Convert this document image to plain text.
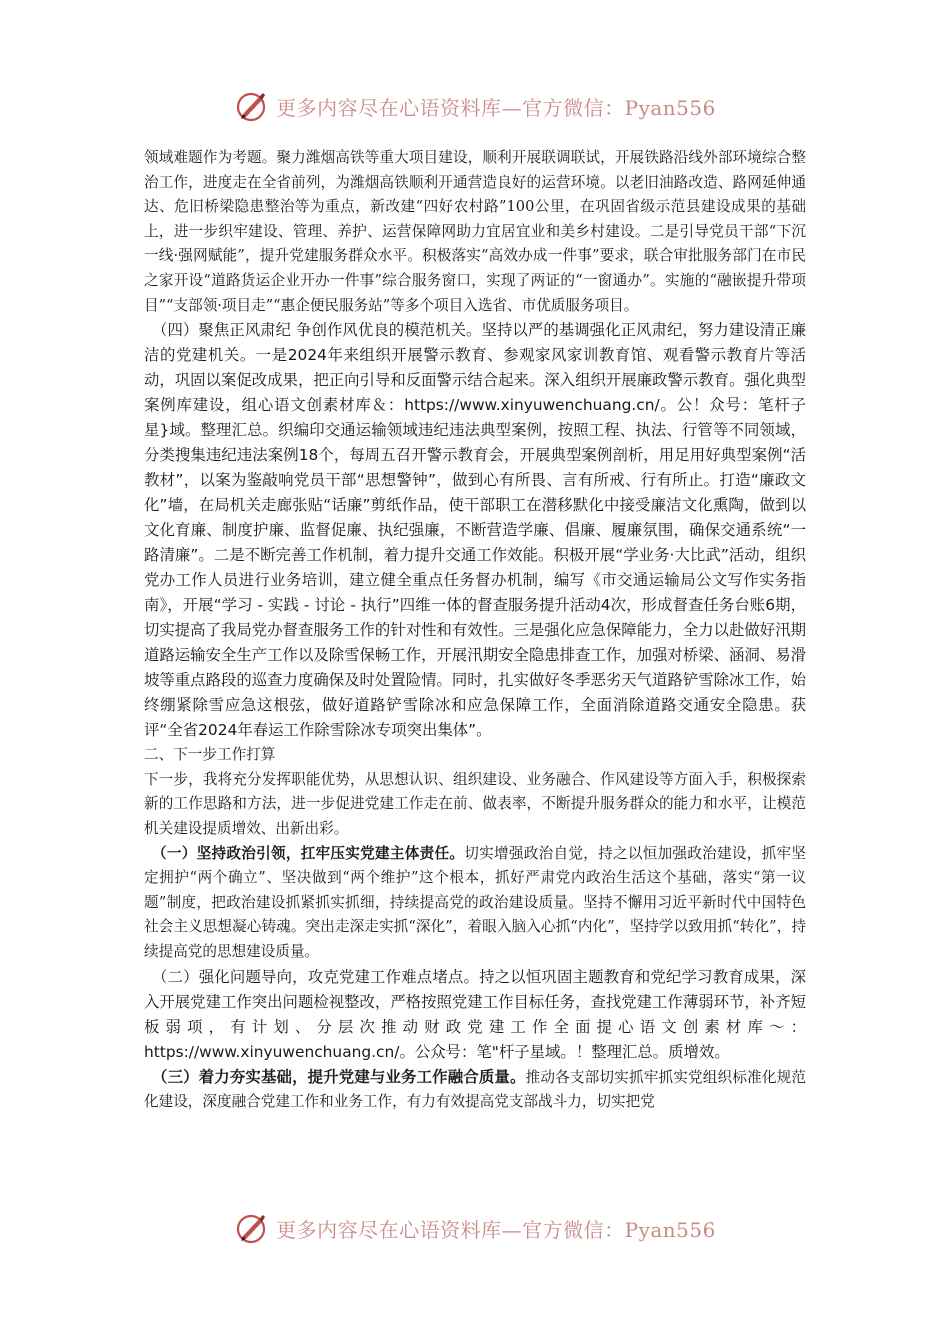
更多内容尽在心语资料库—官方微信：Pyan556

领域难题作为考题。聚力潍烟高铁等重大项目建设，顺利开展联调联试，开展铁路沿线外部环境综合整治工作，进度走在全省前列，为潍烟高铁顺利开通营造良好的运营环境。以老旧油路改造、路网延伸通达、危旧桥梁隐患整治等为重点，新改建“四好农村路”100公里，在巩固省级示范县建设成果的基础上，进一步织牢建设、管理、养护、运营保障网助力宜居宜业和美乡村建设。二是引导党员干部“下沉一线·强网赋能”，提升党建服务群众水平。积极落实“高效办成一件事”要求，联合审批服务部门在市民之家开设“道路货运企业开办一件事”综合服务窗口，实现了两证的“一窗通办”。实施的“融嵌提升带项目”“支部领·项目走”“惠企便民服务站”等多个项目入选省、市优质服务项目。

（四）聚焦正风肃纪 争创作风优良的模范机关。坚持以严的基调强化正风肃纪，努力建设清正廉洁的党建机关。一是2024年来组织开展警示教育、参观家风家训教育馆、观看警示教育片等活动，巩固以案促改成果，把正向引导和反面警示结合起来。深入组织开展廉政警示教育。强化典型案例库建设，组心语文创素材库＆：https://www.xinyuwenchuang.cn/。公！众号：笔杆子星}域。整理汇总。织编印交通运输领域违纪违法典型案例，按照工程、执法、行管等不同领域，分类搜集违纪违法案例18个，每周五召开警示教育会，开展典型案例剖析，用足用好典型案例“活教材”，以案为鉴敲响党员干部“思想警钟”，做到心有所畏、言有所戒、行有所止。打造“廉政文化”墙，在局机关走廊张贴“话廉”剪纸作品，使干部职工在潜移默化中接受廉洁文化熏陶，做到以文化育廉、制度护廉、监督促廉、执纪强廉，不断营造学廉、倡廉、履廉氛围，确保交通系统“一路清廉”。二是不断完善工作机制，着力提升交通工作效能。积极开展“学业务·大比武”活动，组织党办工作人员进行业务培训，建立健全重点任务督办机制，编写《市交通运输局公文写作实务指南》，开展“学习 - 实践 - 讨论 - 执行”四维一体的督查服务提升活动4次，形成督查任务台账6期，切实提高了我局党办督查服务工作的针对性和有效性。三是强化应急保障能力，全力以赴做好汛期道路运输安全生产工作以及除雪保畅工作，开展汛期安全隐患排查工作，加强对桥梁、涵洞、易滑坡等重点路段的巡查力度确保及时处置险情。同时，扎实做好冬季恶劣天气道路铲雪除冰工作，始终绷紧除雪应急这根弦，做好道路铲雪除冰和应急保障工作，全面消除道路交通安全隐患。获评“全省2024年春运工作除雪除冰专项突出集体”。

二、下一步工作打算

下一步，我将充分发挥职能优势，从思想认识、组织建设、业务融合、作风建设等方面入手，积极探索新的工作思路和方法，进一步促进党建工作走在前、做表率，不断提升服务群众的能力和水平，让模范机关建设提质增效、出新出彩。

（一）坚持政治引领，扛牢压实党建主体责任。切实增强政治自觉，持之以恒加强政治建设，抓牢坚定拥护“两个确立”、坚决做到“两个维护”这个根本，抓好严肃党内政治生活这个基础，落实“第一议题”制度，把政治建设抓紧抓实抓细，持续提高党的政治建设质量。坚持不懈用习近平新时代中国特色社会主义思想凝心铸魂。突出走深走实抓“深化”，着眼入脑入心抓“内化”，坚持学以致用抓“转化”，持续提高党的思想建设质量。

（二）强化问题导向，攻克党建工作难点堵点。持之以恒巩固主题教育和党纪学习教育成果，深入开展党建工作突出问题检视整改，严格按照党建工作目标任务，查找党建工作薄弱环节，补齐短板弱项，有计划、分层次推动财政党建工作全面提心语文创素材库～：https://www.xinyuwenchuang.cn/。公众号：笔"杆子星域。！整理汇总。质增效。

（三）着力夯实基础，提升党建与业务工作融合质量。推动各支部切实抓牢抓实党组织标准化规范化建设，深度融合党建工作和业务工作，有力有效提高党支部战斗力，切实把党

更多内容尽在心语资料库—官方微信：Pyan556
